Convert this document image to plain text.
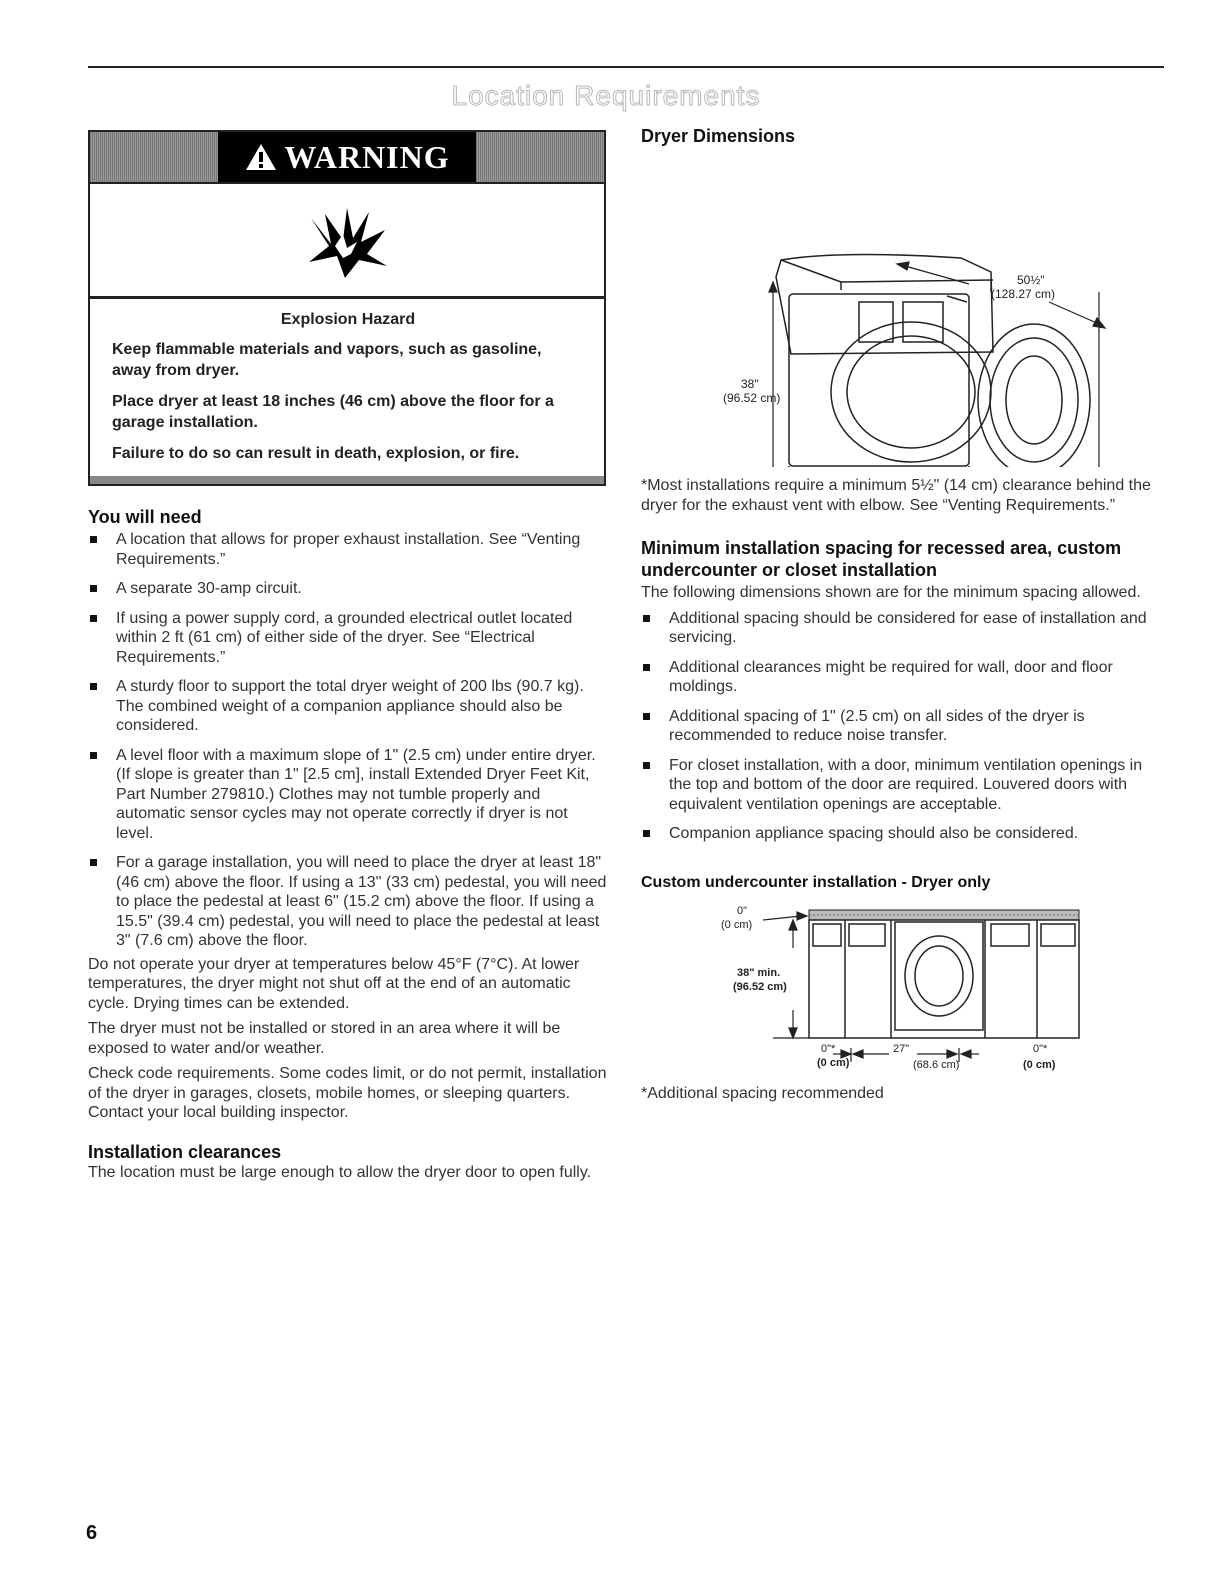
Location Requirements
WARNING

Explosion Hazard

Keep flammable materials and vapors, such as gasoline, away from dryer.

Place dryer at least 18 inches (46 cm) above the floor for a garage installation.

Failure to do so can result in death, explosion, or fire.

You will need
A location that allows for proper exhaust installation. See “Venting Requirements.”
A separate 30-amp circuit.
If using a power supply cord, a grounded electrical outlet located within 2 ft (61 cm) of either side of the dryer. See “Electrical Requirements.”
A sturdy floor to support the total dryer weight of 200 lbs (90.7 kg). The combined weight of a companion appliance should also be considered.
A level floor with a maximum slope of 1" (2.5 cm) under entire dryer. (If slope is greater than 1" [2.5 cm], install Extended Dryer Feet Kit, Part Number 279810.) Clothes may not tumble properly and automatic sensor cycles may not operate correctly if dryer is not level.
For a garage installation, you will need to place the dryer at least 18" (46 cm) above the floor. If using a 13" (33 cm) pedestal, you will need to place the pedestal at least 6" (15.2 cm) above the floor. If using a 15.5" (39.4 cm) pedestal, you will need to place the pedestal at least 3" (7.6 cm) above the floor.

Do not operate your dryer at temperatures below 45°F (7°C). At lower temperatures, the dryer might not shut off at the end of an automatic cycle. Drying times can be extended.

The dryer must not be installed or stored in an area where it will be exposed to water and/or weather.

Check code requirements. Some codes limit, or do not permit, installation of the dryer in garages, closets, mobile homes, or sleeping quarters. Contact your local building inspector.

Installation clearances

The location must be large enough to allow the dryer door to open fully.

Dryer Dimensions
50½"
(128.27 cm)
38"
(96.52 cm)

*Most installations require a minimum 5½" (14 cm) clearance behind the dryer for the exhaust vent with elbow. See “Venting Requirements.”

Minimum installation spacing for recessed area, custom undercounter or closet installation

The following dimensions shown are for the minimum spacing allowed.

Additional spacing should be considered for ease of installation and servicing.
Additional clearances might be required for wall, door and floor moldings.
Additional spacing of 1" (2.5 cm) on all sides of the dryer is recommended to reduce noise transfer.
For closet installation, with a door, minimum ventilation openings in the top and bottom of the door are required. Louvered doors with equivalent ventilation openings are acceptable.
Companion appliance spacing should also be considered.
Custom undercounter installation - Dryer only
0"
(0 cm)
38" min.
(96.52 cm)
0"*
(0 cm)
27"
(68.6 cm)
0"*
(0 cm)

*Additional spacing recommended

6
